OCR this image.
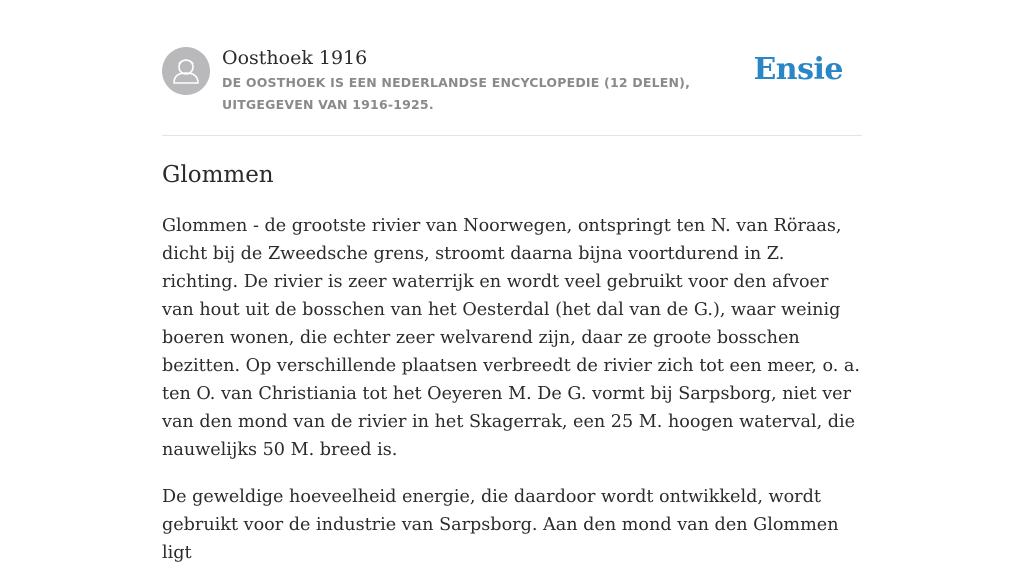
Oosthoek 1916
DE OOSTHOEK IS EEN NEDERLANDSE ENCYCLOPEDIE (12 DELEN), UITGEGEVEN VAN 1916-1925.
Ensie
Glommen

Glommen - de grootste rivier van Noorwegen, ontspringt ten N. van Röraas, dicht bij de Zweedsche grens, stroomt daarna bijna voortdurend in Z. richting. De rivier is zeer waterrijk en wordt veel gebruikt voor den afvoer van hout uit de bosschen van het Oesterdal (het dal van de G.), waar weinig boeren wonen, die echter zeer welvarend zijn, daar ze groote bosschen bezitten. Op verschillende plaatsen verbreedt de rivier zich tot een meer, o. a. ten O. van Christiania tot het Oeyeren M. De G. vormt bij Sarpsborg, niet ver van den mond van de rivier in het Skagerrak, een 25 M. hoogen waterval, die nauwelijks 50 M. breed is.

De geweldige hoeveelheid energie, die daardoor wordt ontwikkeld, wordt gebruikt voor de industrie van Sarpsborg. Aan den mond van den Glommen ligt
